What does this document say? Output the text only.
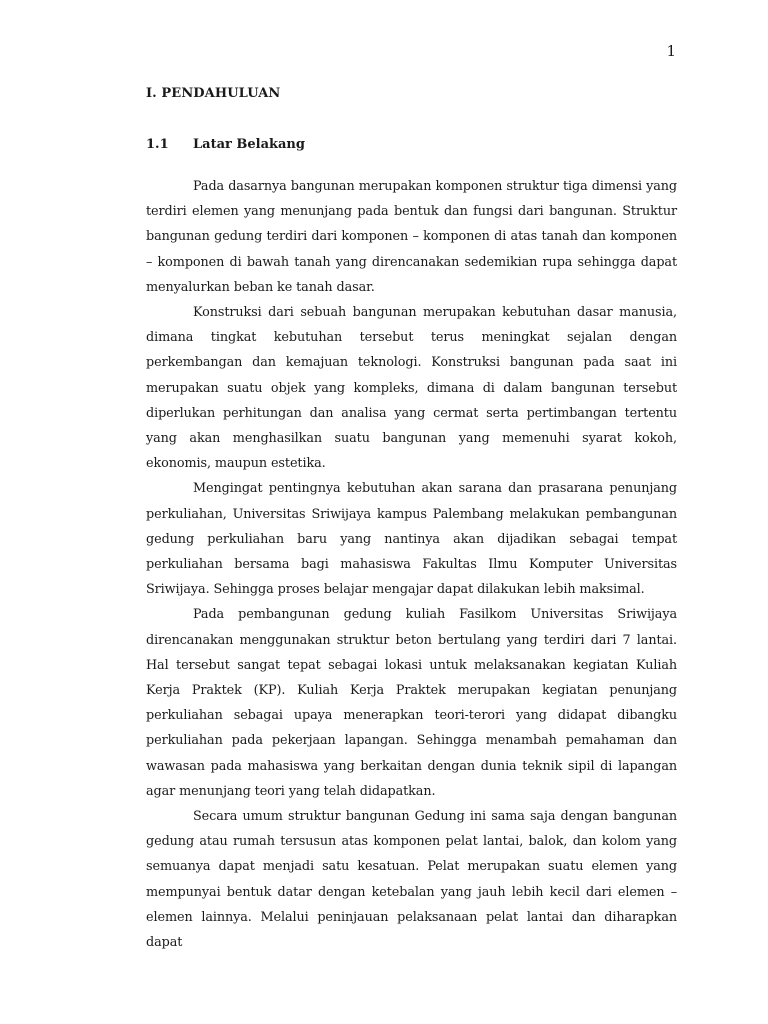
1
I. PENDAHULUAN
1.1 Latar Belakang

Pada dasarnya bangunan merupakan komponen struktur tiga dimensi yang terdiri elemen yang menunjang pada bentuk dan fungsi dari bangunan. Struktur bangunan gedung terdiri dari komponen – komponen di atas tanah dan komponen – komponen di bawah tanah yang direncanakan sedemikian rupa sehingga dapat menyalurkan beban ke tanah dasar.

Konstruksi dari sebuah bangunan merupakan kebutuhan dasar manusia, dimana tingkat kebutuhan tersebut terus meningkat sejalan dengan perkembangan dan kemajuan teknologi. Konstruksi bangunan pada saat ini merupakan suatu objek yang kompleks, dimana di dalam bangunan tersebut diperlukan perhitungan dan analisa yang cermat serta pertimbangan tertentu yang akan menghasilkan suatu bangunan yang memenuhi syarat kokoh, ekonomis, maupun estetika.

Mengingat pentingnya kebutuhan akan sarana dan prasarana penunjang perkuliahan, Universitas Sriwijaya kampus Palembang melakukan pembangunan gedung perkuliahan baru yang nantinya akan dijadikan sebagai tempat perkuliahan bersama bagi mahasiswa Fakultas Ilmu Komputer Universitas Sriwijaya. Sehingga proses belajar mengajar dapat dilakukan lebih maksimal.

Pada pembangunan gedung kuliah Fasilkom Universitas Sriwijaya direncanakan menggunakan struktur beton bertulang yang terdiri dari 7 lantai. Hal tersebut sangat tepat sebagai lokasi untuk melaksanakan kegiatan Kuliah Kerja Praktek (KP). Kuliah Kerja Praktek merupakan kegiatan penunjang perkuliahan sebagai upaya menerapkan teori-terori yang didapat dibangku perkuliahan pada pekerjaan lapangan. Sehingga menambah pemahaman dan wawasan pada mahasiswa yang berkaitan dengan dunia teknik sipil di lapangan agar menunjang teori yang telah didapatkan.

Secara umum struktur bangunan Gedung ini sama saja dengan bangunan gedung atau rumah tersusun atas komponen pelat lantai, balok, dan kolom yang semuanya dapat menjadi satu kesatuan. Pelat merupakan suatu elemen yang mempunyai bentuk datar dengan ketebalan yang jauh lebih kecil dari elemen – elemen lainnya. Melalui peninjauan pelaksanaan pelat lantai dan diharapkan dapat
